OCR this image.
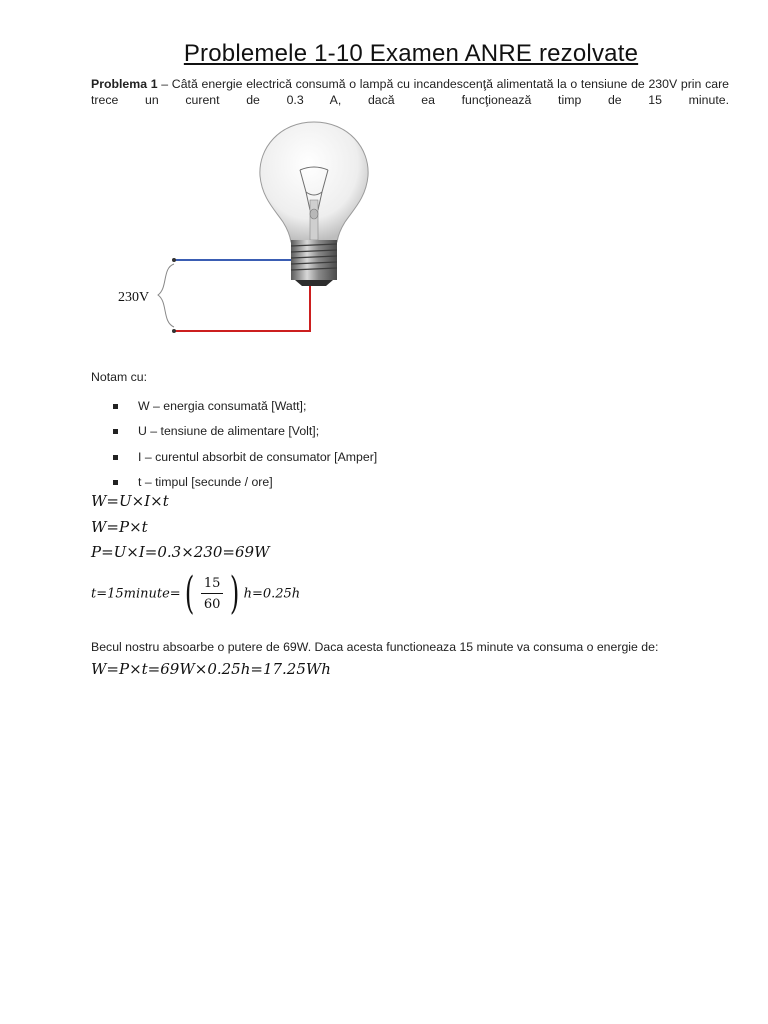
Problemele 1-10 Examen ANRE rezolvate
Problema 1 – Câtă energie electrică consumă o lampă cu incandescenţă alimentată la o tensiune de 230V prin care trece un curent de 0.3 A, dacă ea funcţionează timp de 15 minute.
230V
Notam cu:
W – energia consumată [Watt];
U – tensiune de alimentare [Volt];
I – curentul absorbit de consumator [Amper]
t – timpul [secunde / ore]
W=U×I×t
W=P×t
P=U×I=0.3×230=69W
t=15minute=( $\frac{15}{60}$ ) h=0.25h
Becul nostru absoarbe o putere de 69W. Daca acesta functioneaza 15 minute va consuma o energie de:
W=P×t=69W×0.25h=17.25Wh
